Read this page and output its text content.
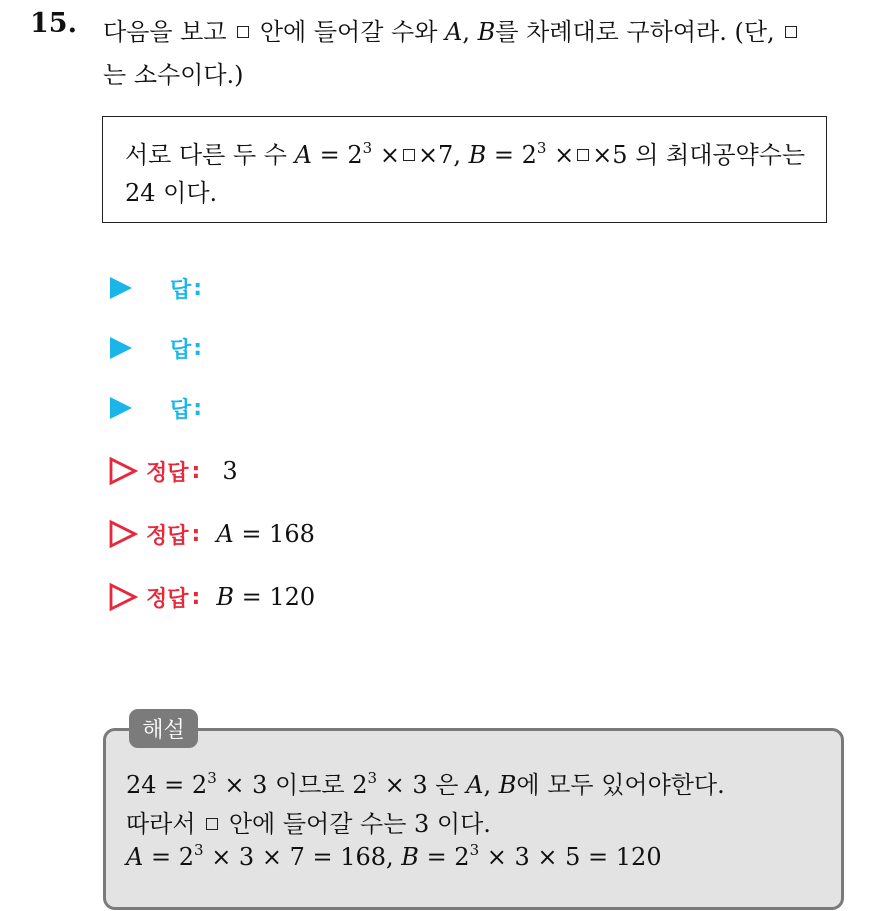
15. 다음을 보고 안에 들어갈 수와 A, B를 차례대로 구하여라. (단,
는 소수이다.)
서로 다른 두 수 $A = 2^3 \times \times 7$, $B = 2^3 \times \times 5$ 의 최대공약수는
24 이다.
답 :
답 :
답 :
정답 : 3
정답 : A = 168
정답 : B = 120
해설
$24 = 2^3 \times 3$ 이므로 $2^3 \times 3$ 은 A, B에 모두 있어야한다.
따라서 안에 들어갈 수는 3 이다.
$A = 2^3 \times 3 \times 7 = 168$, $B = 2^3 \times 3 \times 5 = 120$
